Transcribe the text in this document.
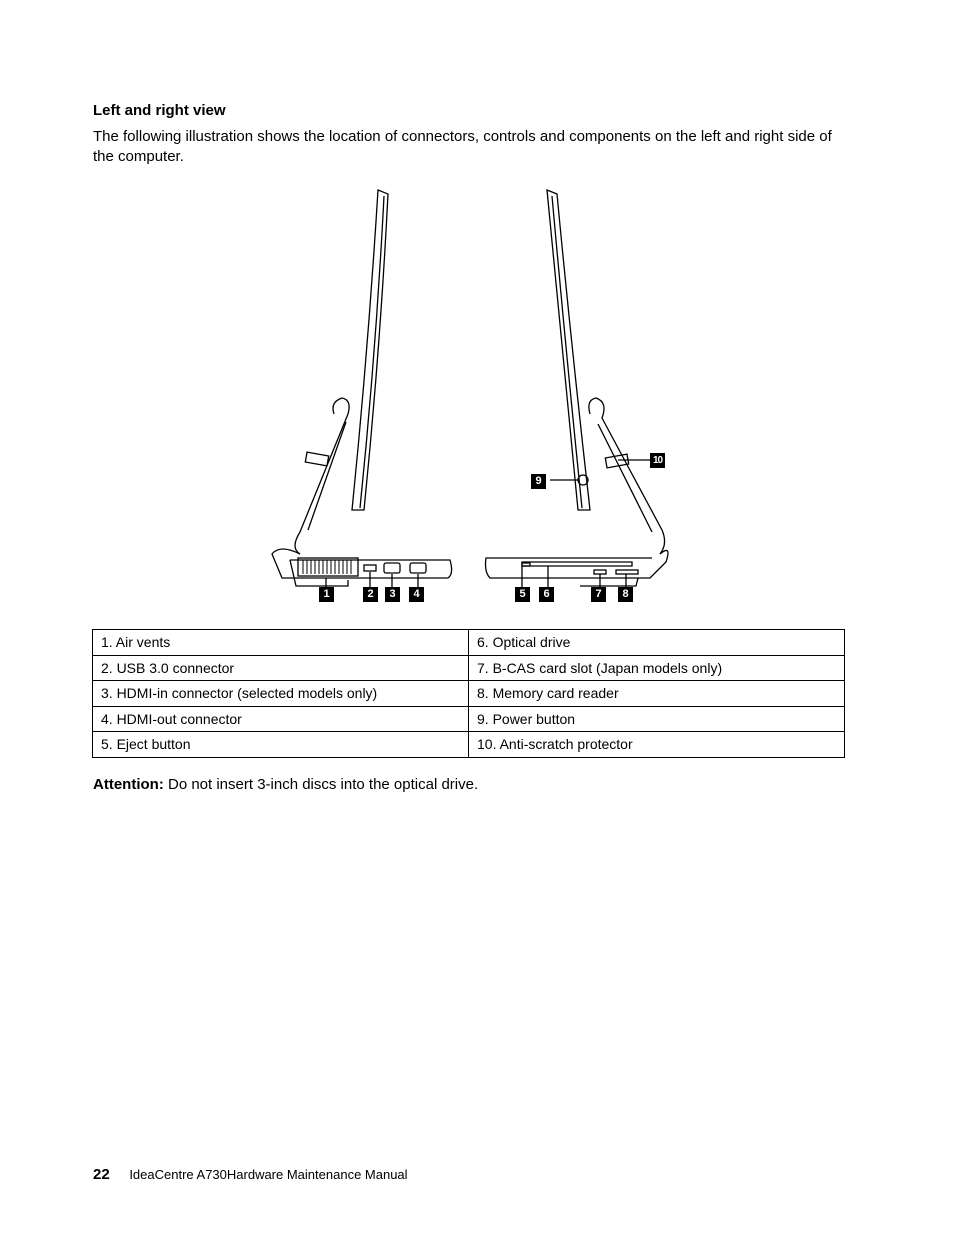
Left and right view
The following illustration shows the location of connectors, controls and components on the left and right side of the computer.
1	2	3	4	5	6	7	8
9
10
1. Air vents	6. Optical drive
2. USB 3.0 connector	7. B-CAS card slot (Japan models only)
3. HDMI-in connector (selected models only)	8. Memory card reader
4. HDMI-out connector	9. Power button
5. Eject button	10. Anti-scratch protector
Attention: Do not insert 3-inch discs into the optical drive.
22 IdeaCentre A730Hardware Maintenance Manual
